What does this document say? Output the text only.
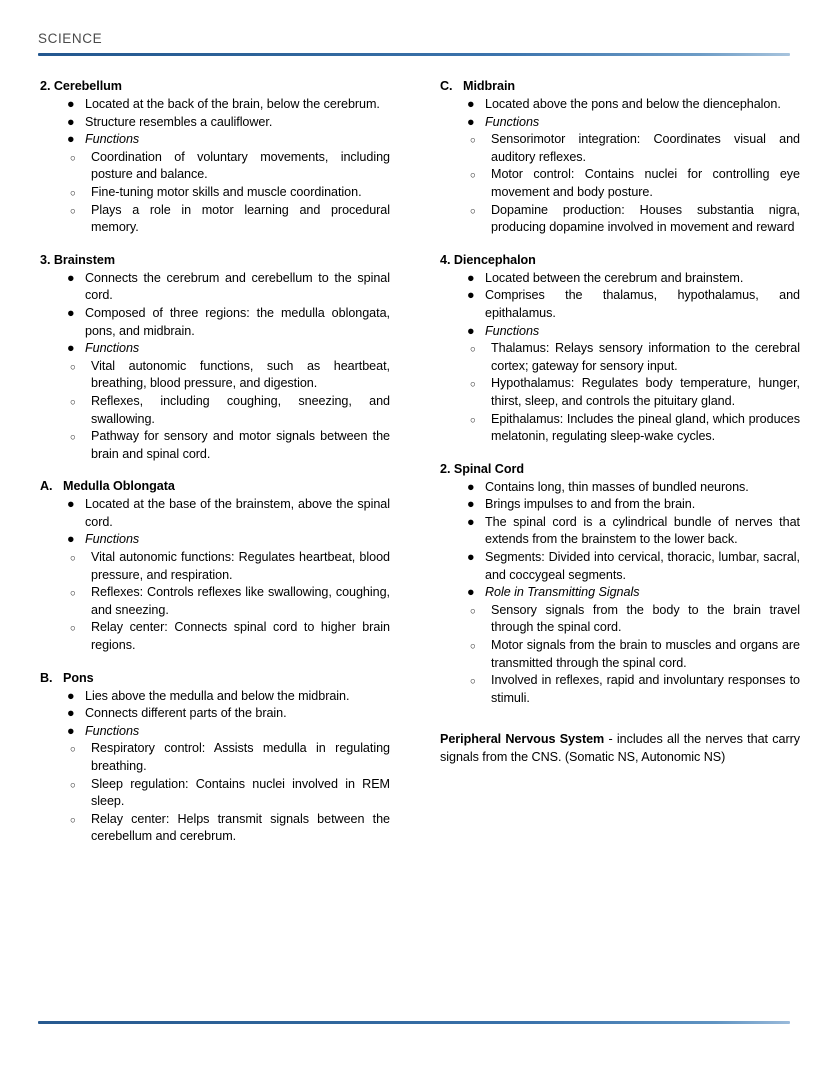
SCIENCE
2. Cerebellum
● Located at the back of the brain, below the cerebrum.
● Structure resembles a cauliflower.
● Functions
○ Coordination of voluntary movements, including posture and balance.
○ Fine-tuning motor skills and muscle coordination.
○ Plays a role in motor learning and procedural memory.
3. Brainstem
● Connects the cerebrum and cerebellum to the spinal cord.
● Composed of three regions: the medulla oblongata, pons, and midbrain.
● Functions
○ Vital autonomic functions, such as heartbeat, breathing, blood pressure, and digestion.
○ Reflexes, including coughing, sneezing, and swallowing.
○ Pathway for sensory and motor signals between the brain and spinal cord.
A. Medulla Oblongata
● Located at the base of the brainstem, above the spinal cord.
● Functions
○ Vital autonomic functions: Regulates heartbeat, blood pressure, and respiration.
○ Reflexes: Controls reflexes like swallowing, coughing, and sneezing.
○ Relay center: Connects spinal cord to higher brain regions.
B. Pons
● Lies above the medulla and below the midbrain.
● Connects different parts of the brain.
● Functions
○ Respiratory control: Assists medulla in regulating breathing.
○ Sleep regulation: Contains nuclei involved in REM sleep.
○ Relay center: Helps transmit signals between the cerebellum and cerebrum.
C. Midbrain
● Located above the pons and below the diencephalon.
● Functions
○ Sensorimotor integration: Coordinates visual and auditory reflexes.
○ Motor control: Contains nuclei for controlling eye movement and body posture.
○ Dopamine production: Houses substantia nigra, producing dopamine involved in movement and reward
4. Diencephalon
● Located between the cerebrum and brainstem.
● Comprises the thalamus, hypothalamus, and epithalamus.
● Functions
○ Thalamus: Relays sensory information to the cerebral cortex; gateway for sensory input.
○ Hypothalamus: Regulates body temperature, hunger, thirst, sleep, and controls the pituitary gland.
○ Epithalamus: Includes the pineal gland, which produces melatonin, regulating sleep-wake cycles.
2. Spinal Cord
● Contains long, thin masses of bundled neurons.
● Brings impulses to and from the brain.
● The spinal cord is a cylindrical bundle of nerves that extends from the brainstem to the lower back.
● Segments: Divided into cervical, thoracic, lumbar, sacral, and coccygeal segments.
● Role in Transmitting Signals
○ Sensory signals from the body to the brain travel through the spinal cord.
○ Motor signals from the brain to muscles and organs are transmitted through the spinal cord.
○ Involved in reflexes, rapid and involuntary responses to stimuli.
Peripheral Nervous System - includes all the nerves that carry signals from the CNS. (Somatic NS, Autonomic NS)
